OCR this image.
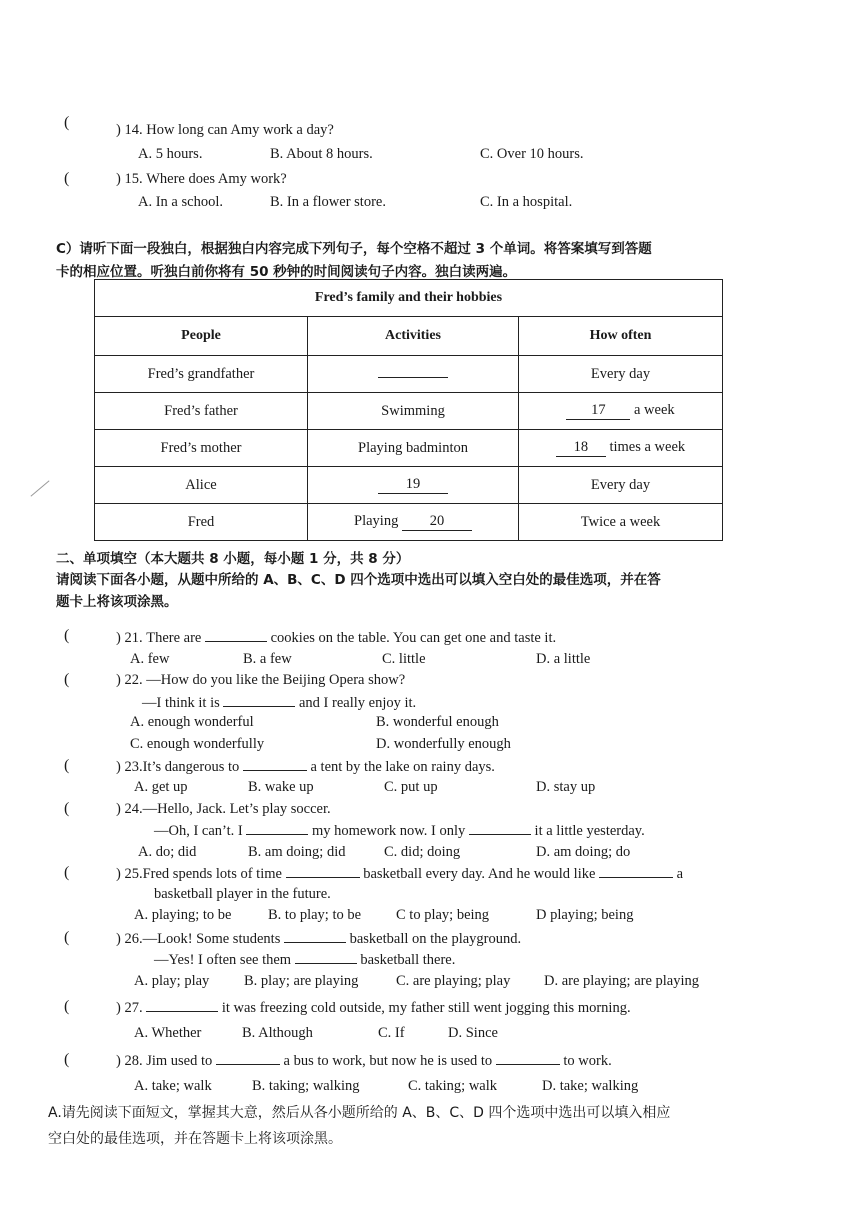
(	) 14. How long can Amy work a day?
A. 5 hours.	B. About 8 hours.	C. Over 10 hours.
(	) 15. Where does Amy work?
A. In a school.	B. In a flower store.	C. In a hospital.
C）请听下面一段独白，根据独白内容完成下列句子，每个空格不超过 3 个单词。将答案填写到答题
卡的相应位置。听独白前你将有 50 秒钟的时间阅读句子内容。独白读两遍。
Fred’s family and their hobbies		
People	Activities	How often
Fred’s grandfather		Every day
Fred’s father	Swimming	17 a week
Fred’s mother	Playing badminton	18 times a week
Alice	19	Every day
Fred	Playing 20	Twice a week
二、单项填空（本大题共 8 小题，每小题 1 分，共 8 分）
请阅读下面各小题，从题中所给的 A、B、C、D 四个选项中选出可以填入空白处的最佳选项，并在答
题卡上将该项涂黑。
(	) 21. There are	cookies on the table. You can get one and taste it.
A. few	B. a few	C. little	D. a little
(	) 22. —How do you like the Beijing Opera show?
—I think it is	and I really enjoy it.
A. enough wonderful	B. wonderful enough
C. enough wonderfully	D. wonderfully enough
(	) 23.It’s dangerous to	a tent by the lake on rainy days.
A. get up	B. wake up	C. put up	D. stay up
(	) 24.—Hello, Jack. Let’s play soccer.
—Oh, I can’t. I	my homework now. I only	it a little yesterday.
A. do; did	B. am doing; did	C. did; doing	D. am doing; do
(	) 25.Fred spends lots of time	basketball every day. And he would like	a
basketball player in the future.
A. playing; to be	B. to play; to be C to play; being	D playing; being
(	) 26.—Look! Some students	basketball on the playground.
—Yes! I often see them	basketball there.
A. play; play B. play; are playing	C. are playing; play D. are playing; are playing
(	) 27.	it was freezing cold outside, my father still went jogging this morning.
A. Whether	B. Although	C. If	D. Since
(	) 28. Jim used to	a bus to work, but now he is used to	to work.
A. take; walk	B. taking; walking	C. taking; walk	D. take; walking
A.请先阅读下面短文，掌握其大意，然后从各小题所给的 A、B、C、D 四个选项中选出可以填入相应
空白处的最佳选项，并在答题卡上将该项涂黑。
